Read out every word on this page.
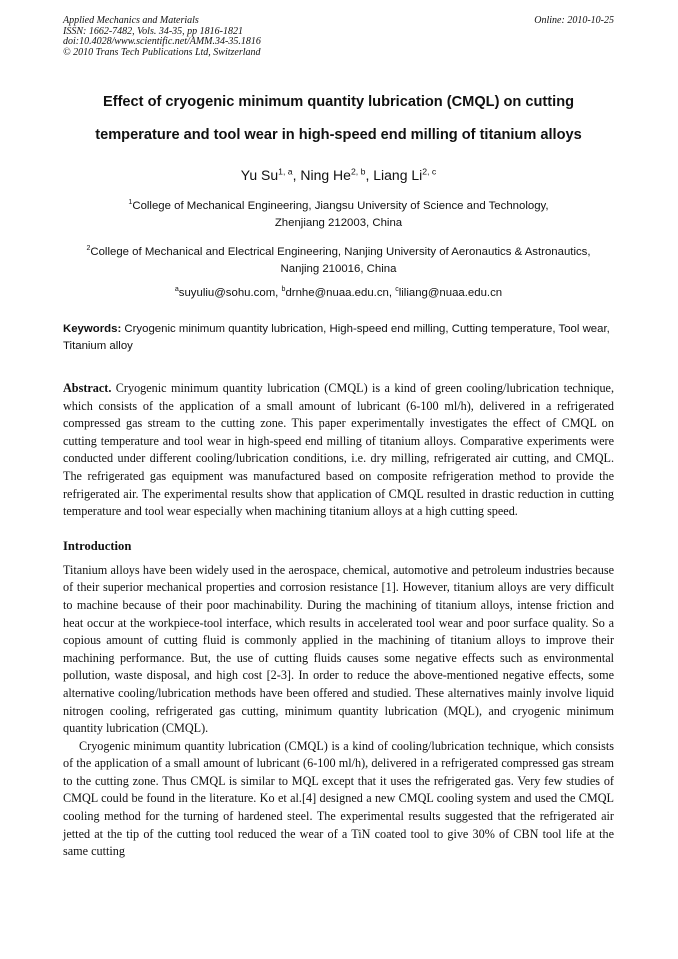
Applied Mechanics and Materials
ISSN: 1662-7482, Vols. 34-35, pp 1816-1821
doi:10.4028/www.scientific.net/AMM.34-35.1816
© 2010 Trans Tech Publications Ltd, Switzerland
Online: 2010-10-25
Effect of cryogenic minimum quantity lubrication (CMQL) on cutting
temperature and tool wear in high-speed end milling of titanium alloys
Yu Su$^{1, a}$, Ning He$^{2, b}$, Liang Li$^{2, c}$
$^1$College of Mechanical Engineering, Jiangsu University of Science and Technology,
Zhenjiang 212003, China
$^2$College of Mechanical and Electrical Engineering, Nanjing University of Aeronautics & Astronautics,
Nanjing 210016, China
$^a$suyuliu@sohu.com, $^b$drnhe@nuaa.edu.cn, $^c$liliang@nuaa.edu.cn
Keywords: Cryogenic minimum quantity lubrication, High-speed end milling, Cutting temperature, Tool wear, Titanium alloy
Abstract. Cryogenic minimum quantity lubrication (CMQL) is a kind of green cooling/lubrication technique, which consists of the application of a small amount of lubricant (6-100 ml/h), delivered in a refrigerated compressed gas stream to the cutting zone. This paper experimentally investigates the effect of CMQL on cutting temperature and tool wear in high-speed end milling of titanium alloys. Comparative experiments were conducted under different cooling/lubrication conditions, i.e. dry milling, refrigerated air cutting, and CMQL. The refrigerated gas equipment was manufactured based on composite refrigeration method to provide the refrigerated air. The experimental results show that application of CMQL resulted in drastic reduction in cutting temperature and tool wear especially when machining titanium alloys at a high cutting speed.
Introduction
Titanium alloys have been widely used in the aerospace, chemical, automotive and petroleum industries because of their superior mechanical properties and corrosion resistance [1]. However, titanium alloys are very difficult to machine because of their poor machinability. During the machining of titanium alloys, intense friction and heat occur at the workpiece-tool interface, which results in accelerated tool wear and poor surface quality. So a copious amount of cutting fluid is commonly applied in the machining of titanium alloys to improve their machining performance. But, the use of cutting fluids causes some negative effects such as environmental pollution, waste disposal, and high cost [2-3]. In order to reduce the above-mentioned negative effects, some alternative cooling/lubrication methods have been offered and studied. These alternatives mainly involve liquid nitrogen cooling, refrigerated gas cutting, minimum quantity lubrication (MQL), and cryogenic minimum quantity lubrication (CMQL).
Cryogenic minimum quantity lubrication (CMQL) is a kind of cooling/lubrication technique, which consists of the application of a small amount of lubricant (6-100 ml/h), delivered in a refrigerated compressed gas stream to the cutting zone. Thus CMQL is similar to MQL except that it uses the refrigerated gas. Very few studies of CMQL could be found in the literature. Ko et al.[4] designed a new CMQL cooling system and used the CMQL cooling method for the turning of hardened steel. The experimental results suggested that the refrigerated air jetted at the tip of the cutting tool reduced the wear of a TiN coated tool to give 30% of CBN tool life at the same cutting
